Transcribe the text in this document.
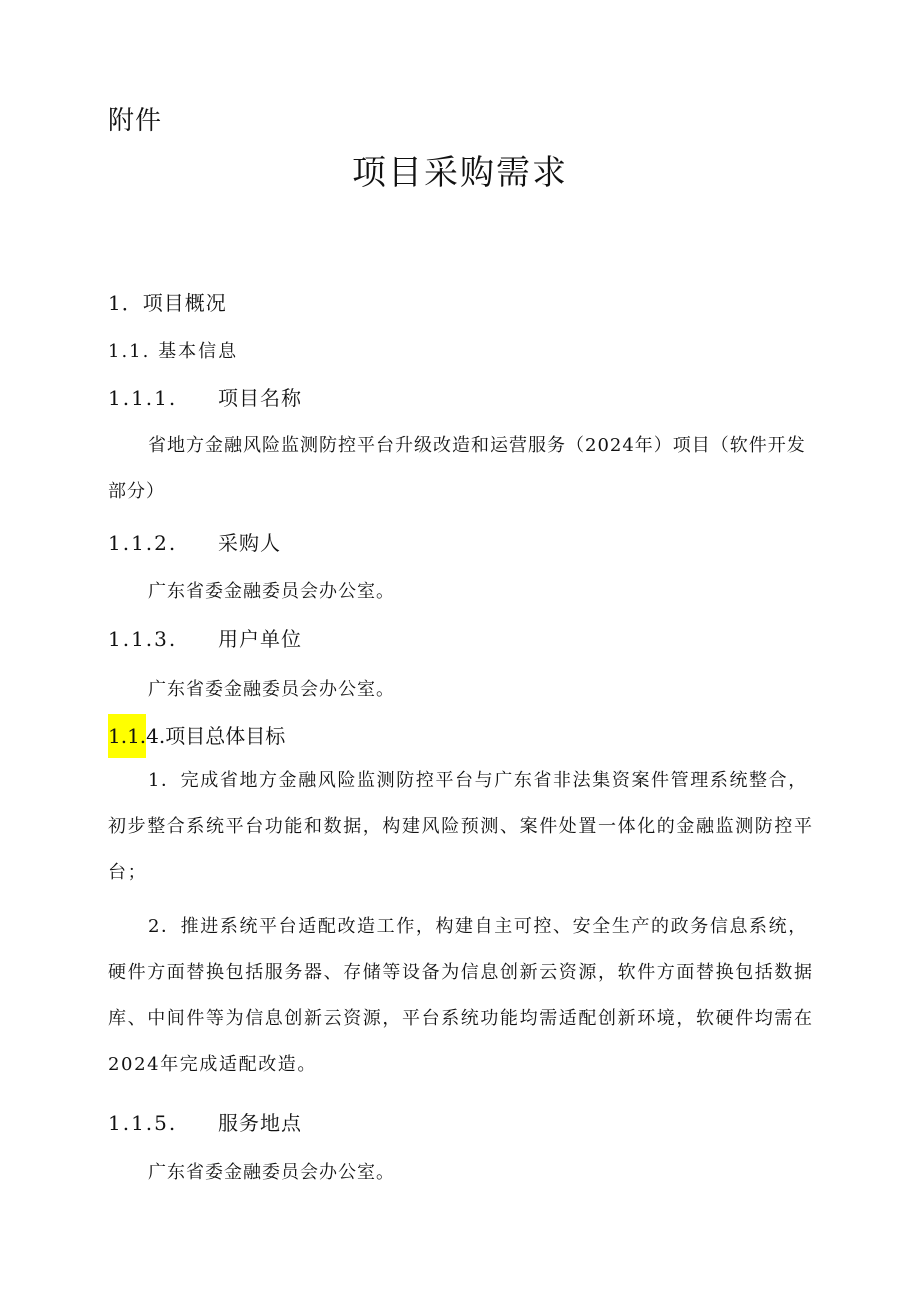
附件
项目采购需求
1．项目概况
1.1. 基本信息
1.1.1. 项目名称
省地方金融风险监测防控平台升级改造和运营服务（2024年）项目（软件开发部分）
1.1.2. 采购人
广东省委金融委员会办公室。
1.1.3. 用户单位
广东省委金融委员会办公室。
1.1.4.项目总体目标
1．完成省地方金融风险监测防控平台与广东省非法集资案件管理系统整合，初步整合系统平台功能和数据，构建风险预测、案件处置一体化的金融监测防控平台；
2．推进系统平台适配改造工作，构建自主可控、安全生产的政务信息系统，硬件方面替换包括服务器、存储等设备为信息创新云资源，软件方面替换包括数据库、中间件等为信息创新云资源，平台系统功能均需适配创新环境，软硬件均需在2024年完成适配改造。
1.1.5. 服务地点
广东省委金融委员会办公室。
